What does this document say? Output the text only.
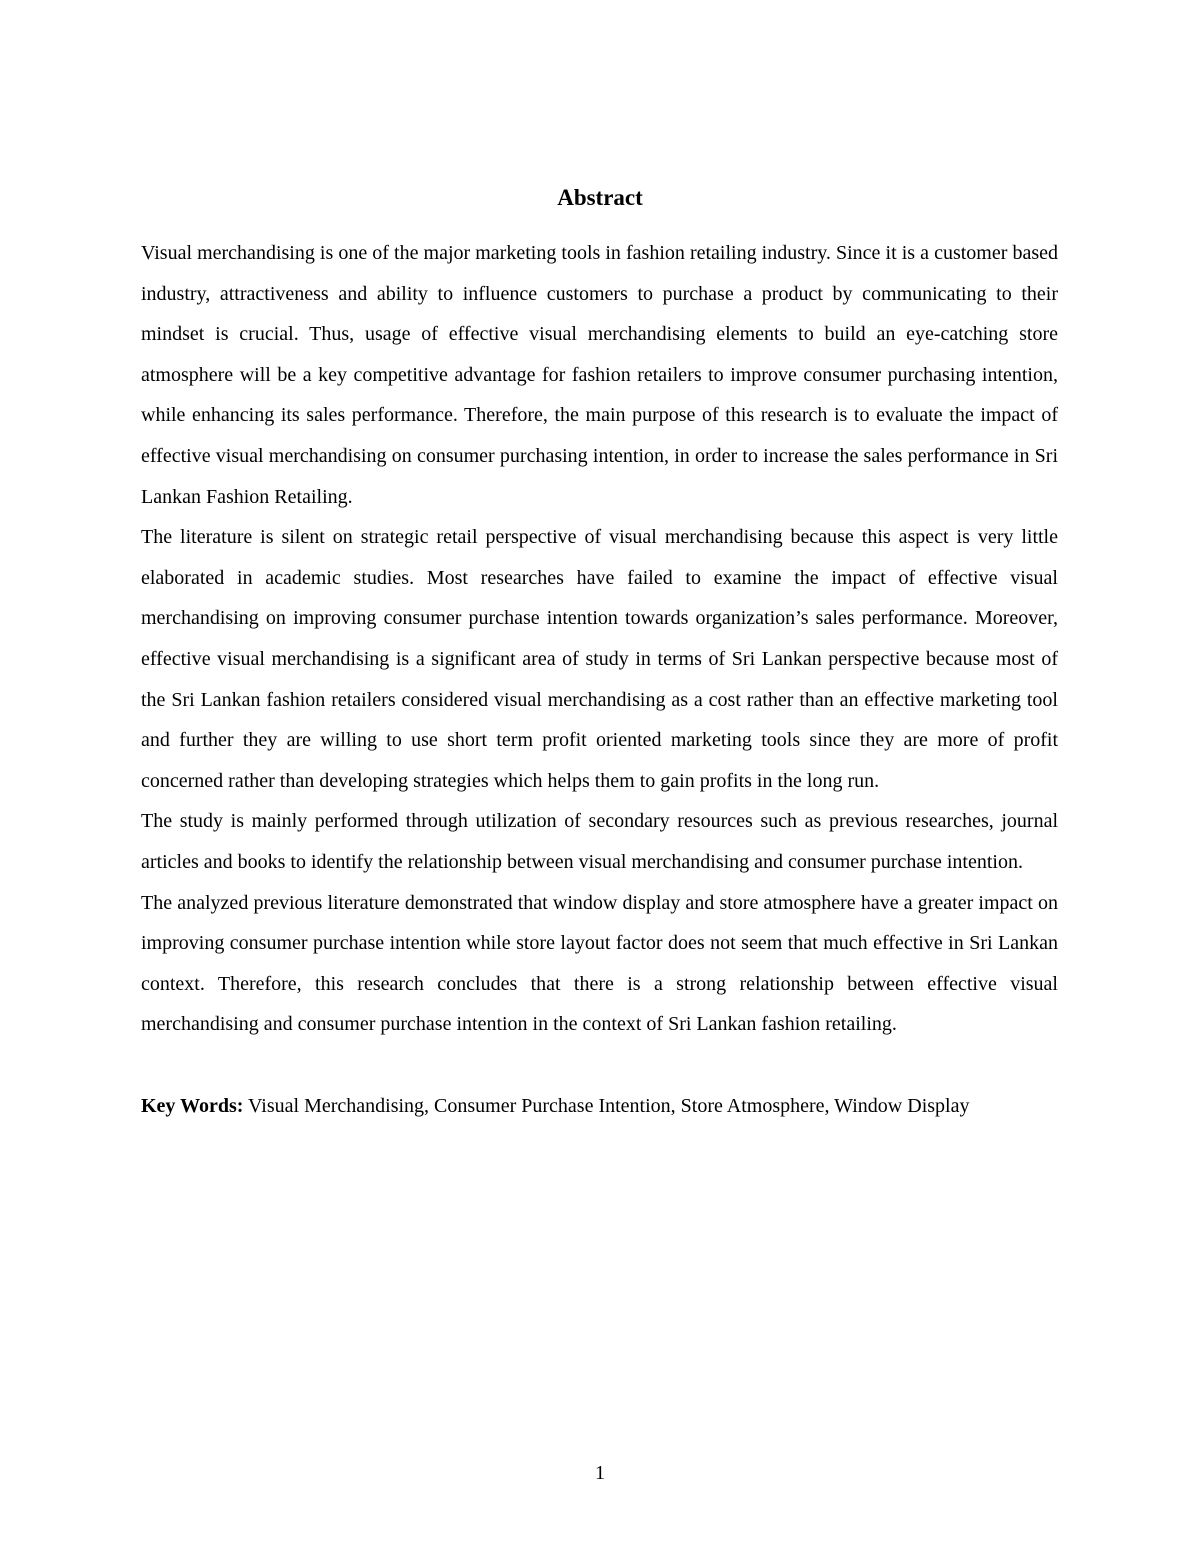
Abstract

Visual merchandising is one of the major marketing tools in fashion retailing industry. Since it is a customer based industry, attractiveness and ability to influence customers to purchase a product by communicating to their mindset is crucial. Thus, usage of effective visual merchandising elements to build an eye-catching store atmosphere will be a key competitive advantage for fashion retailers to improve consumer purchasing intention, while enhancing its sales performance. Therefore, the main purpose of this research is to evaluate the impact of effective visual merchandising on consumer purchasing intention, in order to increase the sales performance in Sri Lankan Fashion Retailing.

The literature is silent on strategic retail perspective of visual merchandising because this aspect is very little elaborated in academic studies. Most researches have failed to examine the impact of effective visual merchandising on improving consumer purchase intention towards organization’s sales performance. Moreover, effective visual merchandising is a significant area of study in terms of Sri Lankan perspective because most of the Sri Lankan fashion retailers considered visual merchandising as a cost rather than an effective marketing tool and further they are willing to use short term profit oriented marketing tools since they are more of profit concerned rather than developing strategies which helps them to gain profits in the long run.

The study is mainly performed through utilization of secondary resources such as previous researches, journal articles and books to identify the relationship between visual merchandising and consumer purchase intention.

The analyzed previous literature demonstrated that window display and store atmosphere have a greater impact on improving consumer purchase intention while store layout factor does not seem that much effective in Sri Lankan context. Therefore, this research concludes that there is a strong relationship between effective visual merchandising and consumer purchase intention in the context of Sri Lankan fashion retailing.

Key Words: Visual Merchandising, Consumer Purchase Intention, Store Atmosphere, Window Display

1
